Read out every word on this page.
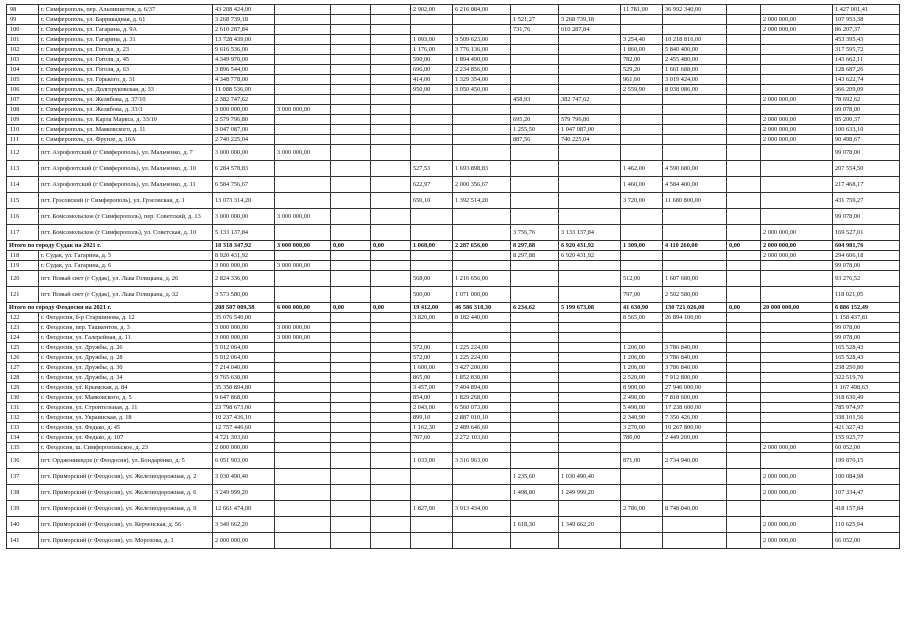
98	г. Симферополь, пер. Альпинистов, д. 6/37	43 208 424,00				2 902,00	6 216 084,00			11 781,00	36 992 340,00			1 427 001,41
99	г. Симферополь, ул. Баррикадная, д. 61	3 268 739,18						1 521,27	3 268 739,18				2 000 000,00	107 953,38
100	г. Симферополь, ул. Гагарина, д. 9А	2 610 287,84						731,76	610 287,84				2 000 000,00	86 207,37
101	г. Симферополь, ул. Гагарина, д. 31	13 728 439,00				1 093,00	3 509 623,00			3 254,40	10 218 816,00			453 395,43
102	г. Симферополь, ул. Гоголя, д. 23	9 616 536,00				1 176,00	3 776 136,00			1 860,00	5 840 400,00			317 595,72
103	г. Симферополь, ул. Гоголя, д. 45	4 349 970,00				590,00	1 894 490,00			782,00	2 455 480,00			143 662,11
104	г. Симферополь, ул. Гоголя, д. 63	3 896 544,00				696,00	2 234 856,00			529,20	1 661 688,00			128 687,26
105	г. Симферополь, ул. Горького, д. 31	4 348 778,00				414,00	1 329 354,00			961,60	3 019 424,00			143 622,74
106	г. Симферополь, ул. Долгоруковская, д. 33	11 088 536,00				950,00	3 050 450,00			2 559,90	8 038 086,00			366 209,09
107	г. Симферополь, ул. Желябова, д. 37/10	2 382 747,62						458,93	382 747,62				2 000 000,00	78 692,62
108	г. Симферополь, ул. Желябова, д. 33/3	3 000 000,00	3 000 000,00											99 078,00
109	г. Симферополь, ул. Карла Маркса, д. 33/10	2 579 796,80						695,20	579 796,80				2 000 000,00	85 200,37
110	г. Симферополь, ул. Маяковского, д. 11	3 047 087,00						1 255,50	1 047 087,00				2 000 000,00	100 633,10
111	г. Симферополь, ул. Фрунзе, д. 16А	2 740 225,04						887,56	740 225,04				2 000 000,00	90 498,67
112	пгт. Аэрофлотский (г Симферополь), ул. Мальченко, д. 7	3 000 000,00	3 000 000,00											99 078,00
113	пгт. Аэрофлотский (г Симферополь), ул. Мальченко, д. 10	6 284 578,83				527,53	1 693 898,83			1 462,00	4 590 680,00			207 554,50
114	пгт. Аэрофлотский (г Симферополь), ул. Мальченко, д. 11	6 584 756,67				622,97	2 000 356,67			1 460,00	4 584 400,00			217 468,17
115	пгт. Грэсовский (г Симферополь), ул. Грэсовская, д. 1	13 073 314,20				650,10	1 392 514,20			3 720,00	11 680 800,00			431 759,27
116	пгт. Комсомольское (г Симферополь), пер. Советский, д. 13	3 000 000,00	3 000 000,00											99 078,00
117	пгт. Комсомольское (г Симферополь), ул. Советская, д. 10	5 133 137,84						3 756,76	3 133 137,84				2 000 000,00	169 527,01
Итого по городу Судак на 2021 г.		18 318 347,92	3 000 000,00	0,00	0,00	1 068,00	2 287 656,00	8 297,88	6 920 431,92	1 309,00	4 110 260,00	0,00	2 000 000,00	604 981,76
118	г. Судак, ул. Гагарина, д. 5	8 920 431,92						8 297,88	6 920 431,92				2 000 000,00	294 606,18
119	г. Судак, ул. Гагарина, д. 6	3 000 000,00	3 000 000,00											99 078,00
120	пгт. Новый свет (г Судак), ул. Льва Голицына, д. 26	2 824 336,00				568,00	1 216 656,00			512,00	1 607 680,00			93 276,52
121	пгт. Новый свет (г Судак), ул. Льва Голицына, д. 32	3 573 580,00				500,00	1 071 000,00			797,00	2 502 580,00			118 021,05
Итого по городу Феодосия на 2021 г.		208 507 009,38	6 000 000,00	0,00	0,00	19 412,00	46 586 310,30	6 234,62	5 199 673,08	41 630,90	130 721 026,00	0,00	20 000 000,00	6 886 152,49
122	г. Феодосия, б-р Старшинова, д. 12	35 076 540,00				3 820,00	8 182 440,00			8 565,00	26 894 100,00			1 158 437,81
123	г. Феодосия, пер. Ташкентов, д. 3	3 000 000,00	3 000 000,00											99 078,00
124	г. Феодосия, ул. Галерейная, д. 11	3 000 000,00	3 000 000,00											99 078,00
125	г. Феодосия, ул. Дружбы, д. 26	5 012 064,00				572,00	1 225 224,00			1 206,00	3 786 840,00			165 528,43
126	г. Феодосия, ул. Дружбы, д. 28	5 012 064,00				572,00	1 225 224,00			1 206,00	3 786 840,00			165 528,43
127	г. Феодосия, ул. Дружбы, д. 30	7 214 040,00				1 600,00	3 427 200,00			1 206,00	3 786 840,00			238 250,80
128	г. Феодосия, ул. Дружбы, д. 34	9 765 630,00				865,00	1 852 830,00			2 520,00	7 912 800,00			322 519,70
129	г. Феодосия, ул. Крымская, д. 84	35 350 894,80				3 457,00	7 404 894,00			8 900,00	27 946 000,00			1 167 498,63
130	г. Феодосия, ул. Маяковского, д. 5	9 647 868,00				854,00	1 829 268,00			2 490,00	7 818 600,00			318 630,49
131	г. Феодосия, ул. Строительная, д. 11	23 798 673,00				2 043,00	6 560 073,00			5 490,00	17 238 600,00			785 974,97
132	г. Феодосия, ул. Украинская, д. 18	10 237 436,10				899,10	2 887 010,10			2 340,90	7 350 426,00			338 101,56
133	г. Феодосия, ул. Федько, д. 45	12 757 446,60				1 162,30	2 489 646,60			3 270,00	10 267 800,00			421 327,43
134	г. Феодосия, ул. Федько, д. 107	4 721 303,60				707,60	2 272 103,60			780,00	2 449 200,00			155 925,77
135	г. Феодосия, ш. Симферопольское, д. 23	2 000 000,00											2 000 000,00	60 052,00
136	пгт. Орджоникидзе (г Феодосия), ул. Бондаренко, д. 5	6 051 903,00				1 033,00	3 316 963,00			871,00	2 734 940,00			199 870,15
137	пгт. Приморский (г Феодосия), ул. Железнодорожная, д. 2	3 030 490,40						1 235,60	1 030 490,40				2 000 000,00	100 084,98
138	пгт. Приморский (г Феодосия), ул. Железнодорожная, д. 6	3 249 999,20						1 498,80	1 249 999,20				2 000 000,00	107 334,47
139	пгт. Приморский (г Феодосия), ул. Железнодорожная, д. 9	12 661 474,00				1 827,00	3 913 434,00			2 786,00	8 748 040,00			418 157,84
140	пгт. Приморский (г Феодосия), ул. Керченская, д. 56	3 349 662,20						1 618,30	1 349 662,20				2 000 000,00	110 625,94
141	пгт. Приморский (г Феодосия), ул. Морозова, д. 1	2 000 000,00											2 000 000,00	66 052,00
